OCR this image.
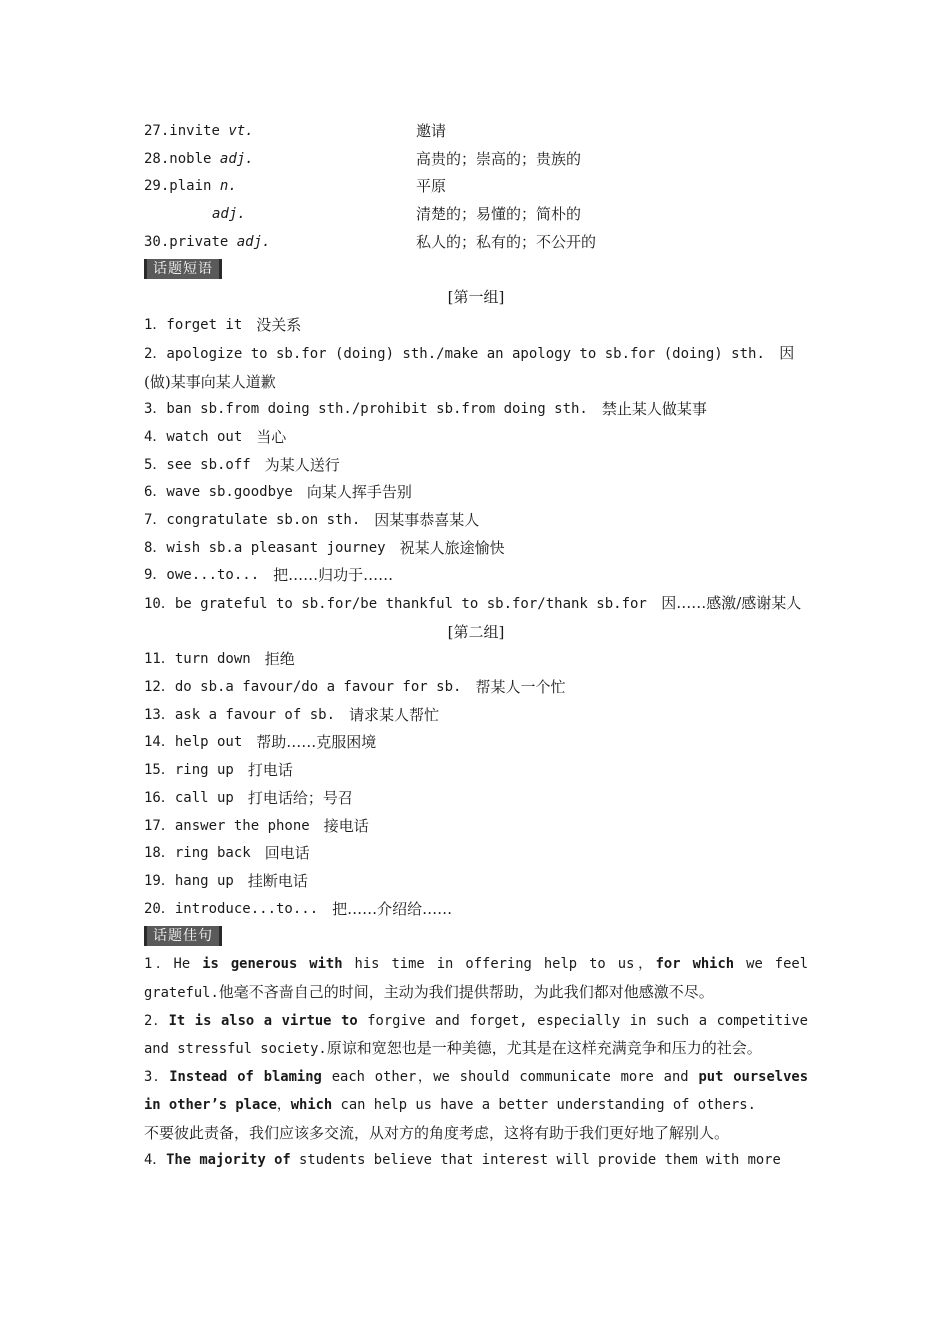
27.invite vt.	邀请
28.noble adj.	高贵的；崇高的；贵族的
29.plain n.	平原
adj.	清楚的；易懂的；简朴的
30.private adj.	私人的；私有的；不公开的
话题短语
[第一组]
1．forget it 没关系
2．apologize to sb.for (doing) sth./make an apology to sb.for (doing) sth. 因(做)某事向某人道歉
3．ban sb.from doing sth./prohibit sb.from doing sth. 禁止某人做某事
4．watch out 当心
5．see sb.off 为某人送行
6．wave sb.goodbye 向某人挥手告别
7．congratulate sb.on sth. 因某事恭喜某人
8．wish sb.a pleasant journey 祝某人旅途愉快
9．owe...to... 把……归功于……
10．be grateful to sb.for/be thankful to sb.for/thank sb.for 因……感激/感谢某人
[第二组]
11．turn down 拒绝
12．do sb.a favour/do a favour for sb. 帮某人一个忙
13．ask a favour of sb. 请求某人帮忙
14．help out 帮助……克服困境
15．ring up 打电话
16．call up 打电话给；号召
17．answer the phone 接电话
18．ring back 回电话
19．hang up 挂断电话
20．introduce...to... 把……介绍给……
话题佳句
1．He is generous with his time in offering help to us，for which we feel grateful.他毫不吝啬自己的时间，主动为我们提供帮助，为此我们都对他感激不尽。
2．It is also a virtue to forgive and forget, especially in such a competitive and stressful society.原谅和宽恕也是一种美德，尤其是在这样充满竞争和压力的社会。
3．Instead of blaming each other，we should communicate more and put ourselves in other’s place，which can help us have a better understanding of others.
不要彼此责备，我们应该多交流，从对方的角度考虑，这将有助于我们更好地了解别人。
4．The majority of students believe that interest will provide them with more
